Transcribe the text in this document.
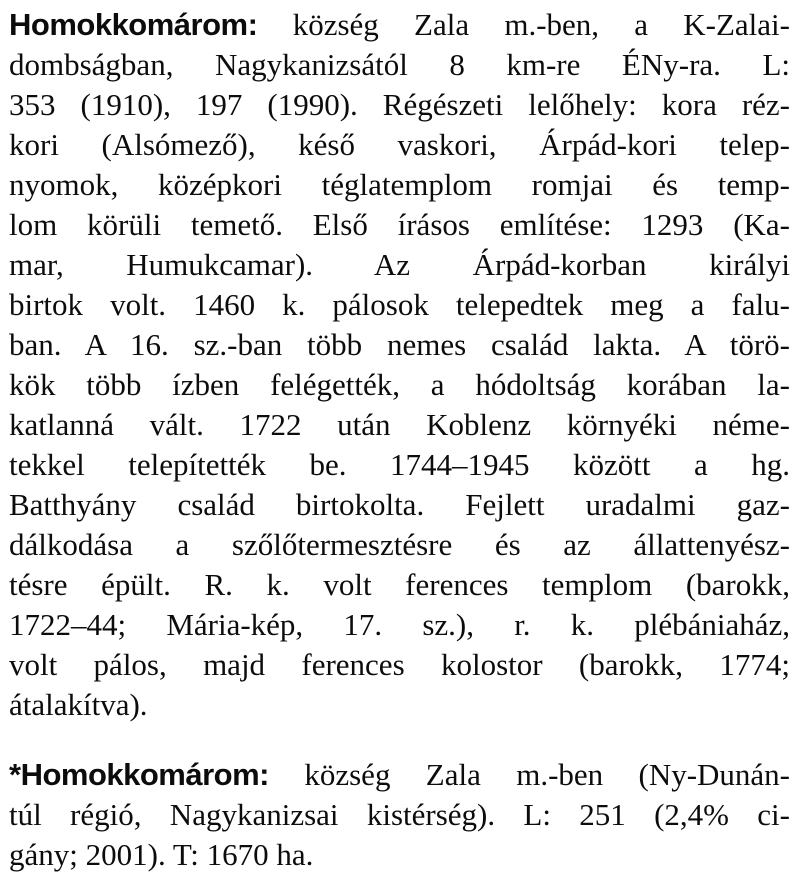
Homokkomárom: község Zala m.-ben, a K-Zalai-
dombságban, Nagykanizsától 8 km-re ÉNy-ra. L:
353 (1910), 197 (1990). Régészeti lelőhely: kora réz-
kori (Alsómező), késő vaskori, Árpád-kori telep-
nyomok, középkori téglatemplom romjai és temp-
lom körüli temető. Első írásos említése: 1293 (Ka-
mar, Humukcamar). Az Árpád-korban királyi
birtok volt. 1460 k. pálosok telepedtek meg a falu-
ban. A 16. sz.-ban több nemes család lakta. A törö-
kök több ízben felégették, a hódoltság korában la-
katlanná vált. 1722 után Koblenz környéki néme-
tekkel telepítették be. 1744–1945 között a hg.
Batthyány család birtokolta. Fejlett uradalmi gaz-
dálkodása a szőlőtermesztésre és az állattenyész-
tésre épült. R. k. volt ferences templom (barokk,
1722–44; Mária-kép, 17. sz.), r. k. plébániaház,
volt pálos, majd ferences kolostor (barokk, 1774;
átalakítva).
*Homokkomárom: község Zala m.-ben (Ny-Dunán-
túl régió, Nagykanizsai kistérség). L: 251 (2,4% ci-
gány; 2001). T: 1670 ha.
